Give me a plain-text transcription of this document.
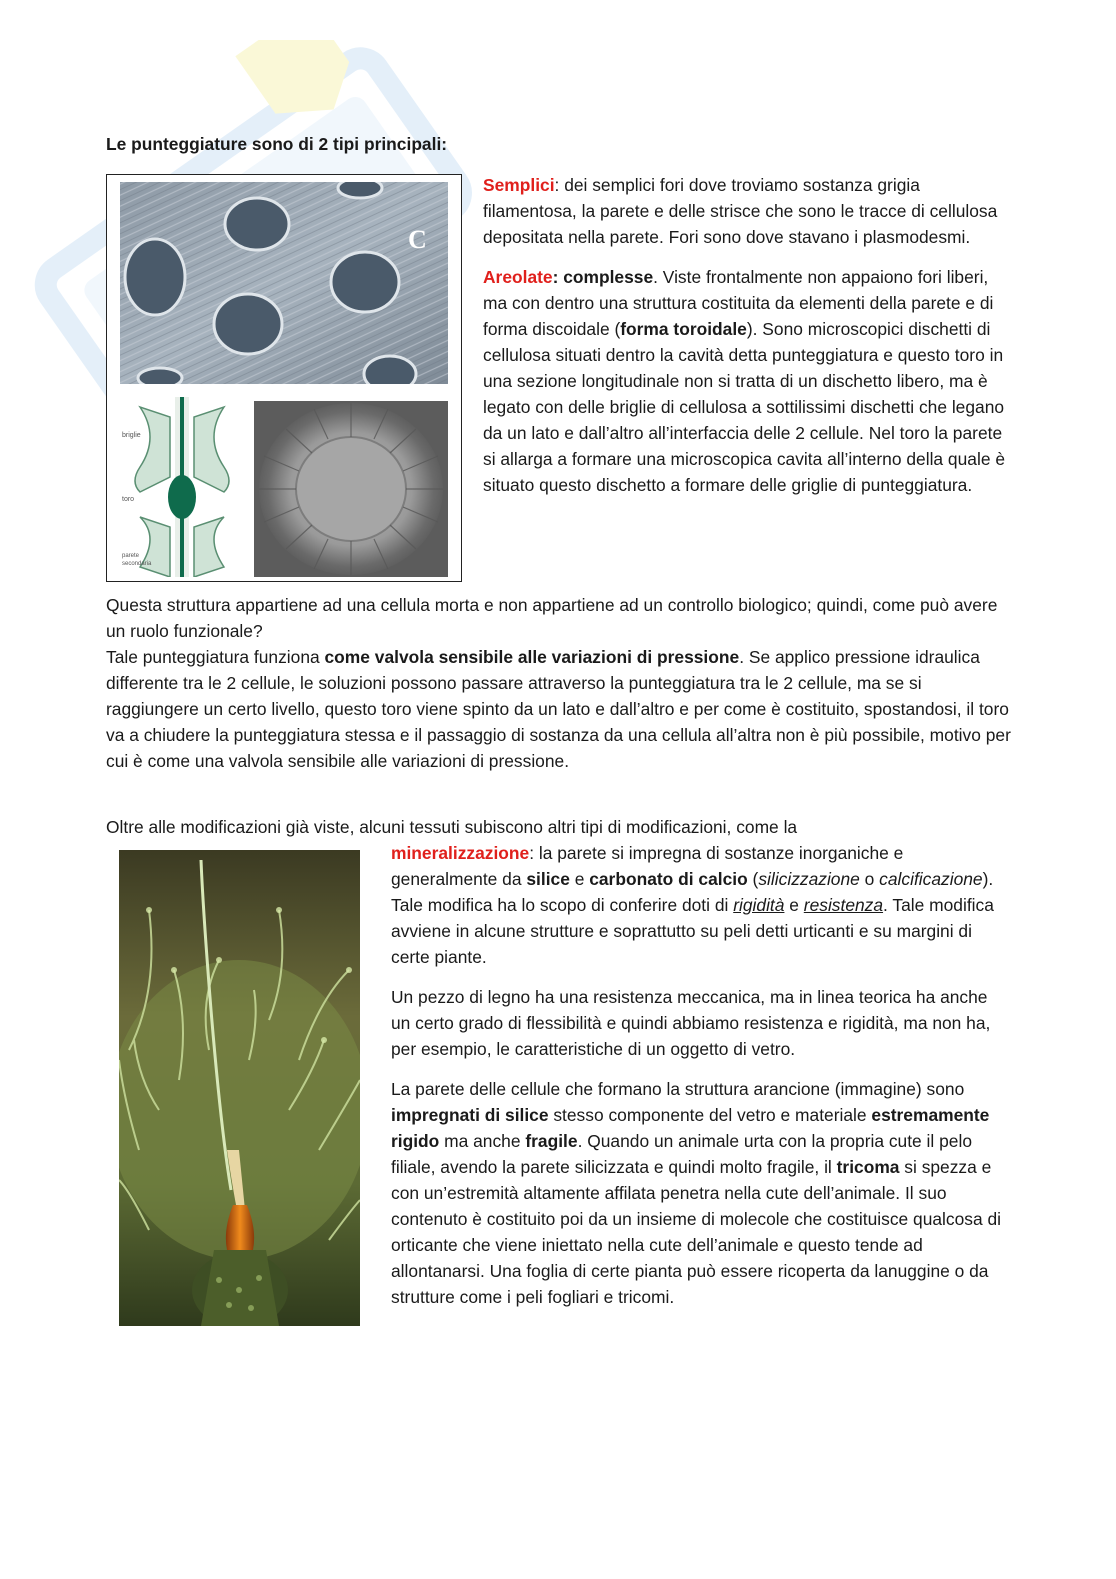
Le punteggiature sono di 2 tipi principali:
C
briglie
toro
parete
secondaria

Semplici: dei semplici fori dove troviamo sostanza grigia filamentosa, la parete e delle strisce che sono le tracce di cellulosa depositata nella parete. Fori sono dove stavano i plasmodesmi.

Areolate: complesse. Viste frontalmente non appaiono fori liberi, ma con dentro una struttura costituita da elementi della parete e di forma discoidale (forma toroidale). Sono microscopici dischetti di cellulosa situati dentro la cavità detta punteggiatura e questo toro in una sezione longitudinale non si tratta di un dischetto libero, ma è legato con delle briglie di cellulosa a sottilissimi dischetti che legano da un lato e dall’altro all’interfaccia delle 2 cellule. Nel toro la parete si allarga a formare una microscopica cavita all’interno della quale è situato questo dischetto a formare delle griglie di punteggiatura.

Questa struttura appartiene ad una cellula morta e non appartiene ad un controllo biologico; quindi, come può avere un ruolo funzionale?

Tale punteggiatura funziona come valvola sensibile alle variazioni di pressione. Se applico pressione idraulica differente tra le 2 cellule, le soluzioni possono passare attraverso la punteggiatura tra le 2 cellule, ma se si raggiungere un certo livello, questo toro viene spinto da un lato e dall’altro e per come è costituito, spostandosi, il toro va a chiudere la punteggiatura stessa e il passaggio di sostanza da una cellula all’altra non è più possibile, motivo per cui è come una valvola sensibile alle variazioni di pressione.

Oltre alle modificazioni già viste, alcuni tessuti subiscono altri tipi di modificazioni, come la

mineralizzazione: la parete si impregna di sostanze inorganiche e generalmente da silice e carbonato di calcio (silicizzazione o calcificazione). Tale modifica ha lo scopo di conferire doti di rigidità e resistenza. Tale modifica avviene in alcune strutture e soprattutto su peli detti urticanti e su margini di certe piante.

Un pezzo di legno ha una resistenza meccanica, ma in linea teorica ha anche un certo grado di flessibilità e quindi abbiamo resistenza e rigidità, ma non ha, per esempio, le caratteristiche di un oggetto di vetro.

La parete delle cellule che formano la struttura arancione (immagine) sono impregnati di silice stesso componente del vetro e materiale estremamente rigido ma anche fragile. Quando un animale urta con la propria cute il pelo filiale, avendo la parete silicizzata e quindi molto fragile, il tricoma si spezza e con un’estremità altamente affilata penetra nella cute dell’animale. Il suo contenuto è costituito poi da un insieme di molecole che costituisce qualcosa di orticante che viene iniettato nella cute dell’animale e questo tende ad allontanarsi. Una foglia di certe pianta può essere ricoperta da lanuggine o da strutture come i peli fogliari e tricomi.
